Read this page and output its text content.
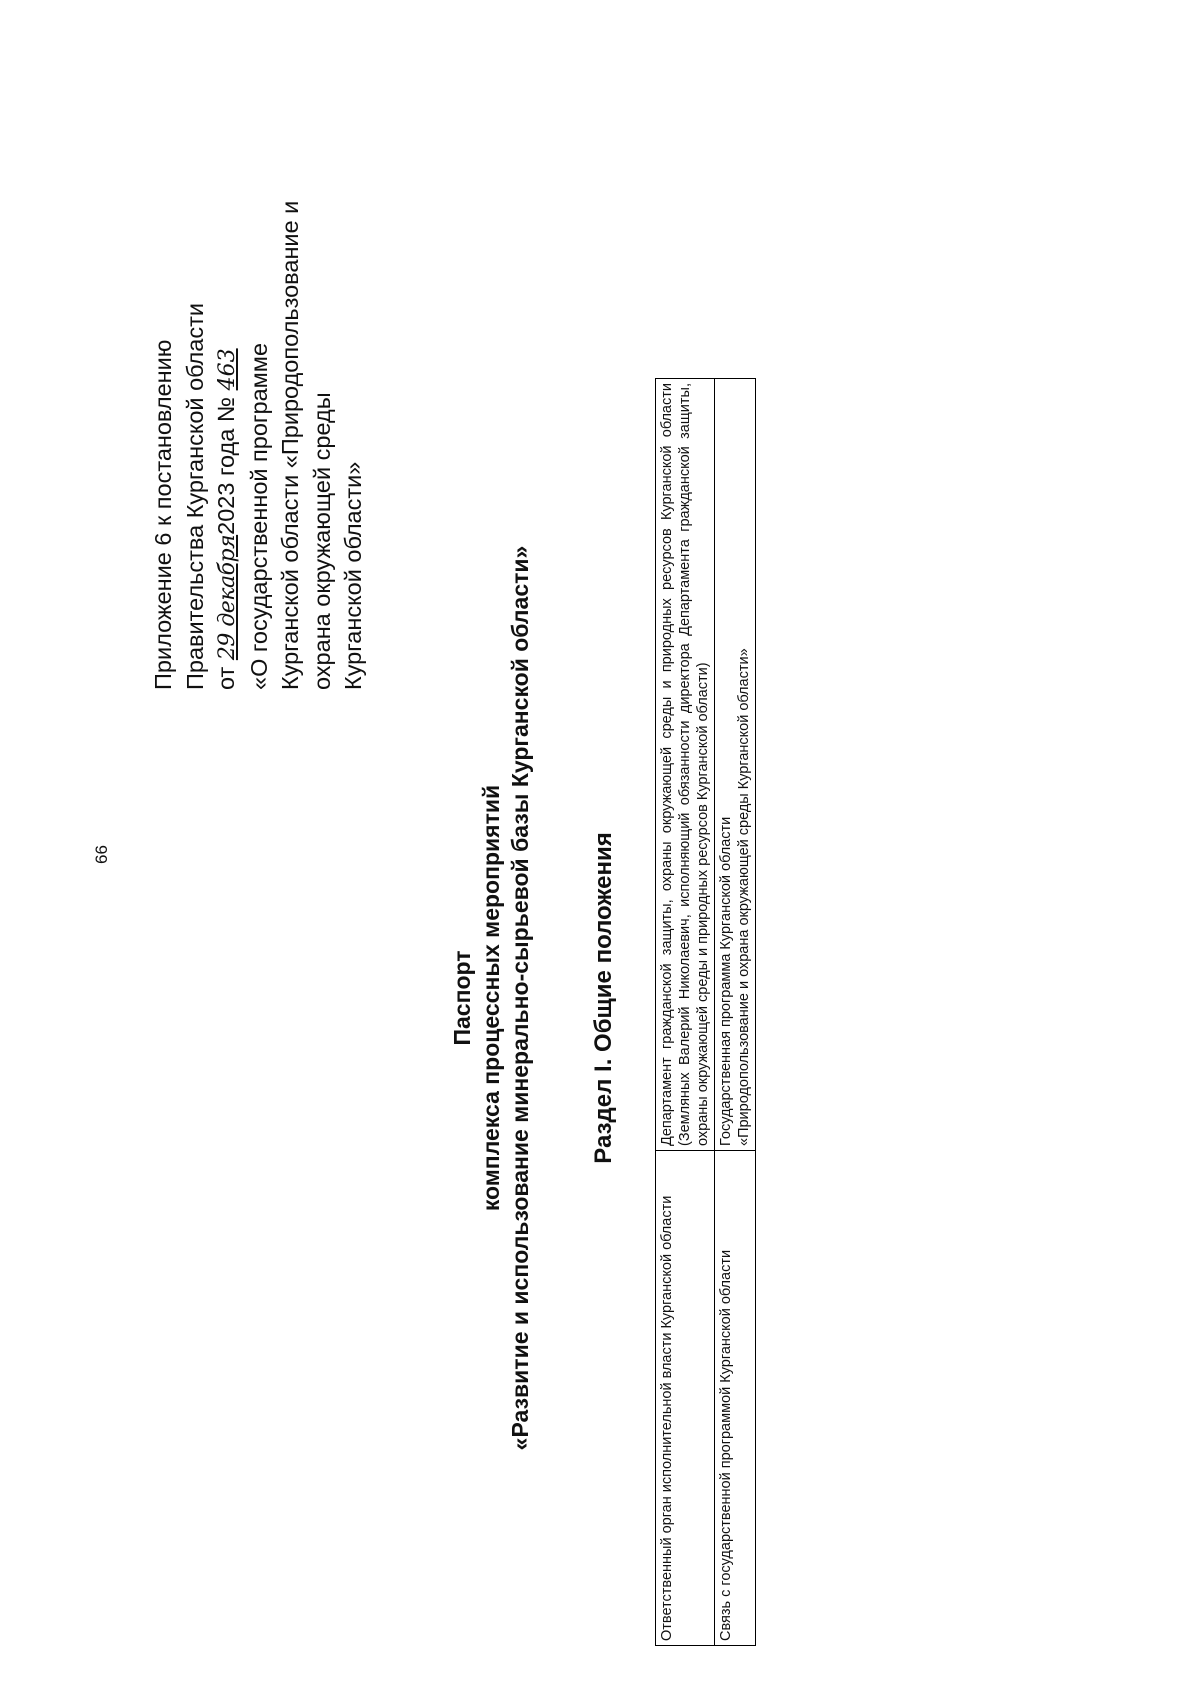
66
Приложение 6 к постановлению Правительства Курганской области от 29 декабря2023 года № 463 «О государственной программе Курганской области «Природопользование и охрана окружающей среды Курганской области»
Паспорт комплекса процессных мероприятий «Развитие и использование минерально-сырьевой базы Курганской области» Раздел I. Общие положения
Ответственный орган исполнительной власти Курганской области	Департамент гражданской защиты, охраны окружающей среды и природных ресурсов Курганской области (Земляных Валерий Николаевич, исполняющий обязанности директора Департамента гражданской защиты, охраны окружающей среды и природных ресурсов Курганской области)
Связь с государственной программой Курганской области	Государственная программа Курганской области «Природопользование и охрана окружающей среды Курганской области»
